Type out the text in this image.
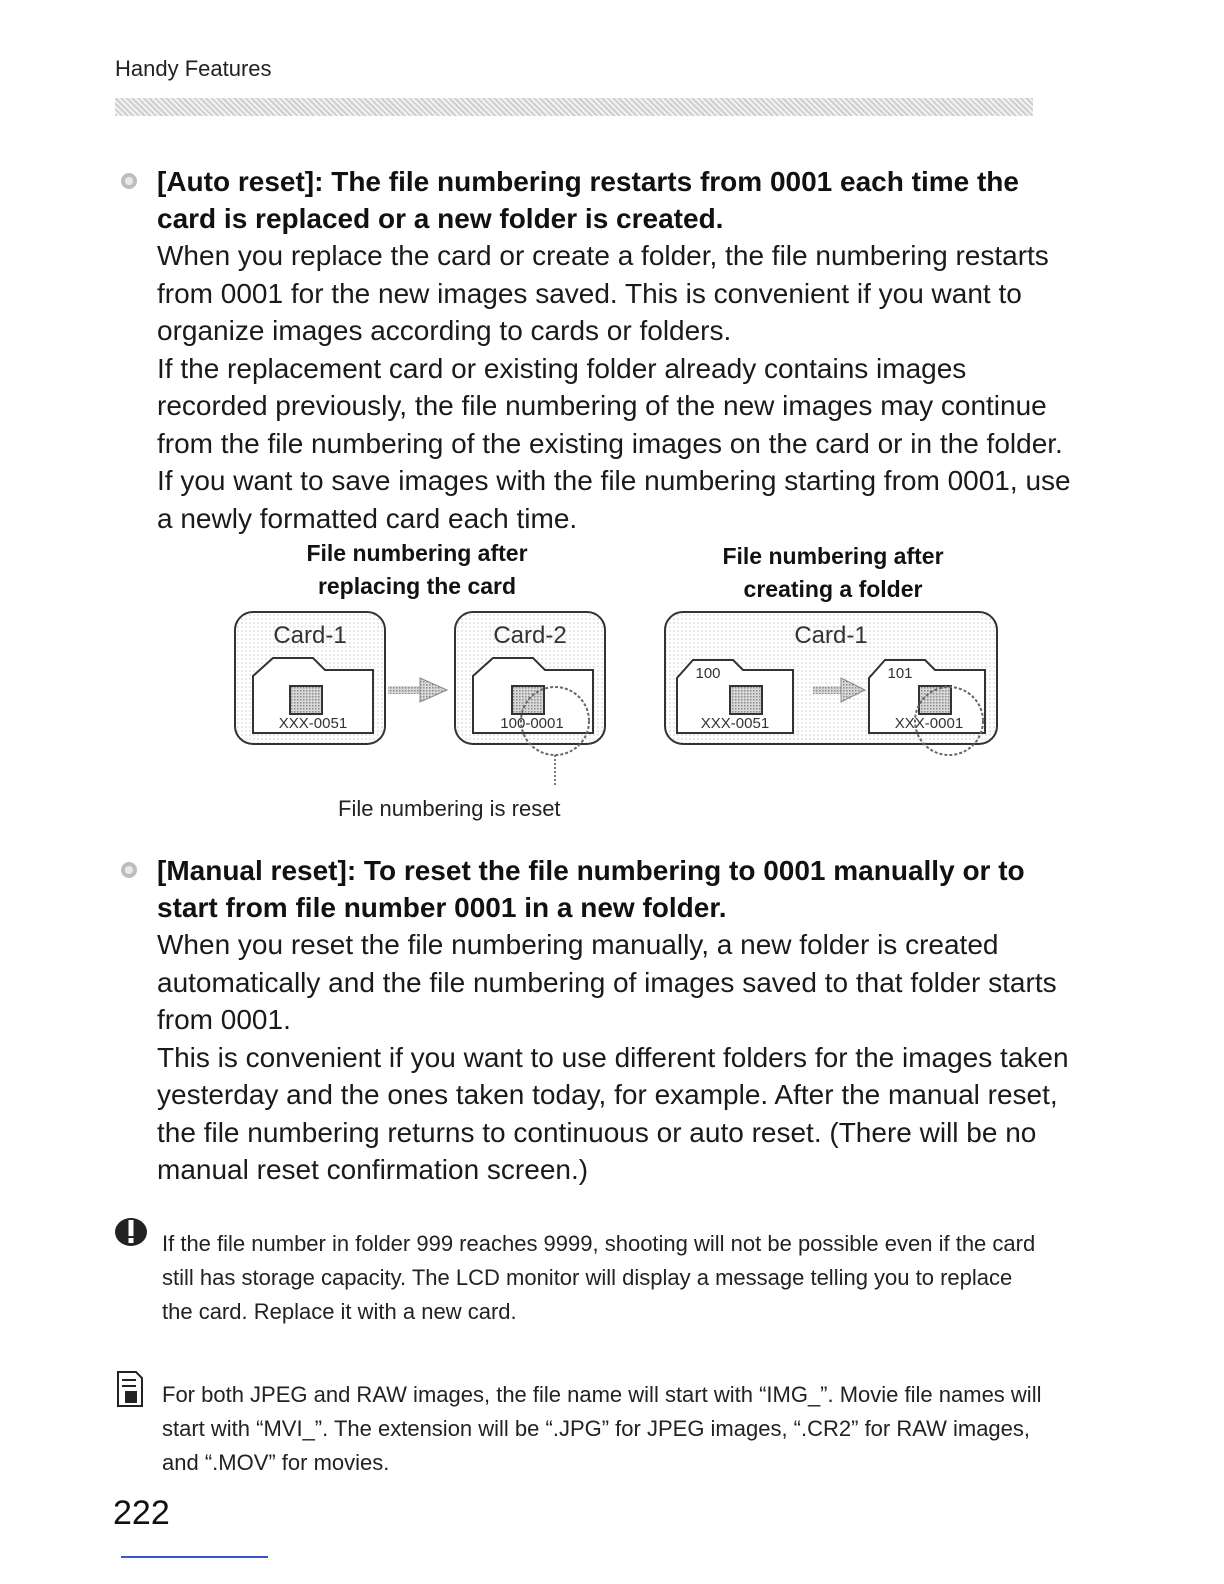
Handy Features
[Auto reset]: The file numbering restarts from 0001 each time the card is replaced or a new folder is created.

When you replace the card or create a folder, the file numbering restarts from 0001 for the new images saved. This is convenient if you want to organize images according to cards or folders.

If the replacement card or existing folder already contains images recorded previously, the file numbering of the new images may continue from the file numbering of the existing images on the card or in the folder. If you want to save images with the file numbering starting from 0001, use a newly formatted card each time.

File numbering after replacing the card
File numbering after creating a folder
Card-1
XXX-0051
Card-2
100-0001
Card-1
100
XXX-0051
101
XXX-0001
File numbering is reset
[Manual reset]: To reset the file numbering to 0001 manually or to start from file number 0001 in a new folder.

When you reset the file numbering manually, a new folder is created automatically and the file numbering of images saved to that folder starts from 0001.

This is convenient if you want to use different folders for the images taken yesterday and the ones taken today, for example. After the manual reset, the file numbering returns to continuous or auto reset. (There will be no manual reset confirmation screen.)

If the file number in folder 999 reaches 9999, shooting will not be possible even if the card still has storage capacity. The LCD monitor will display a message telling you to replace the card. Replace it with a new card.
For both JPEG and RAW images, the file name will start with “IMG_”. Movie file names will start with “MVI_”. The extension will be “.JPG” for JPEG images, “.CR2” for RAW images, and “.MOV” for movies.
222
